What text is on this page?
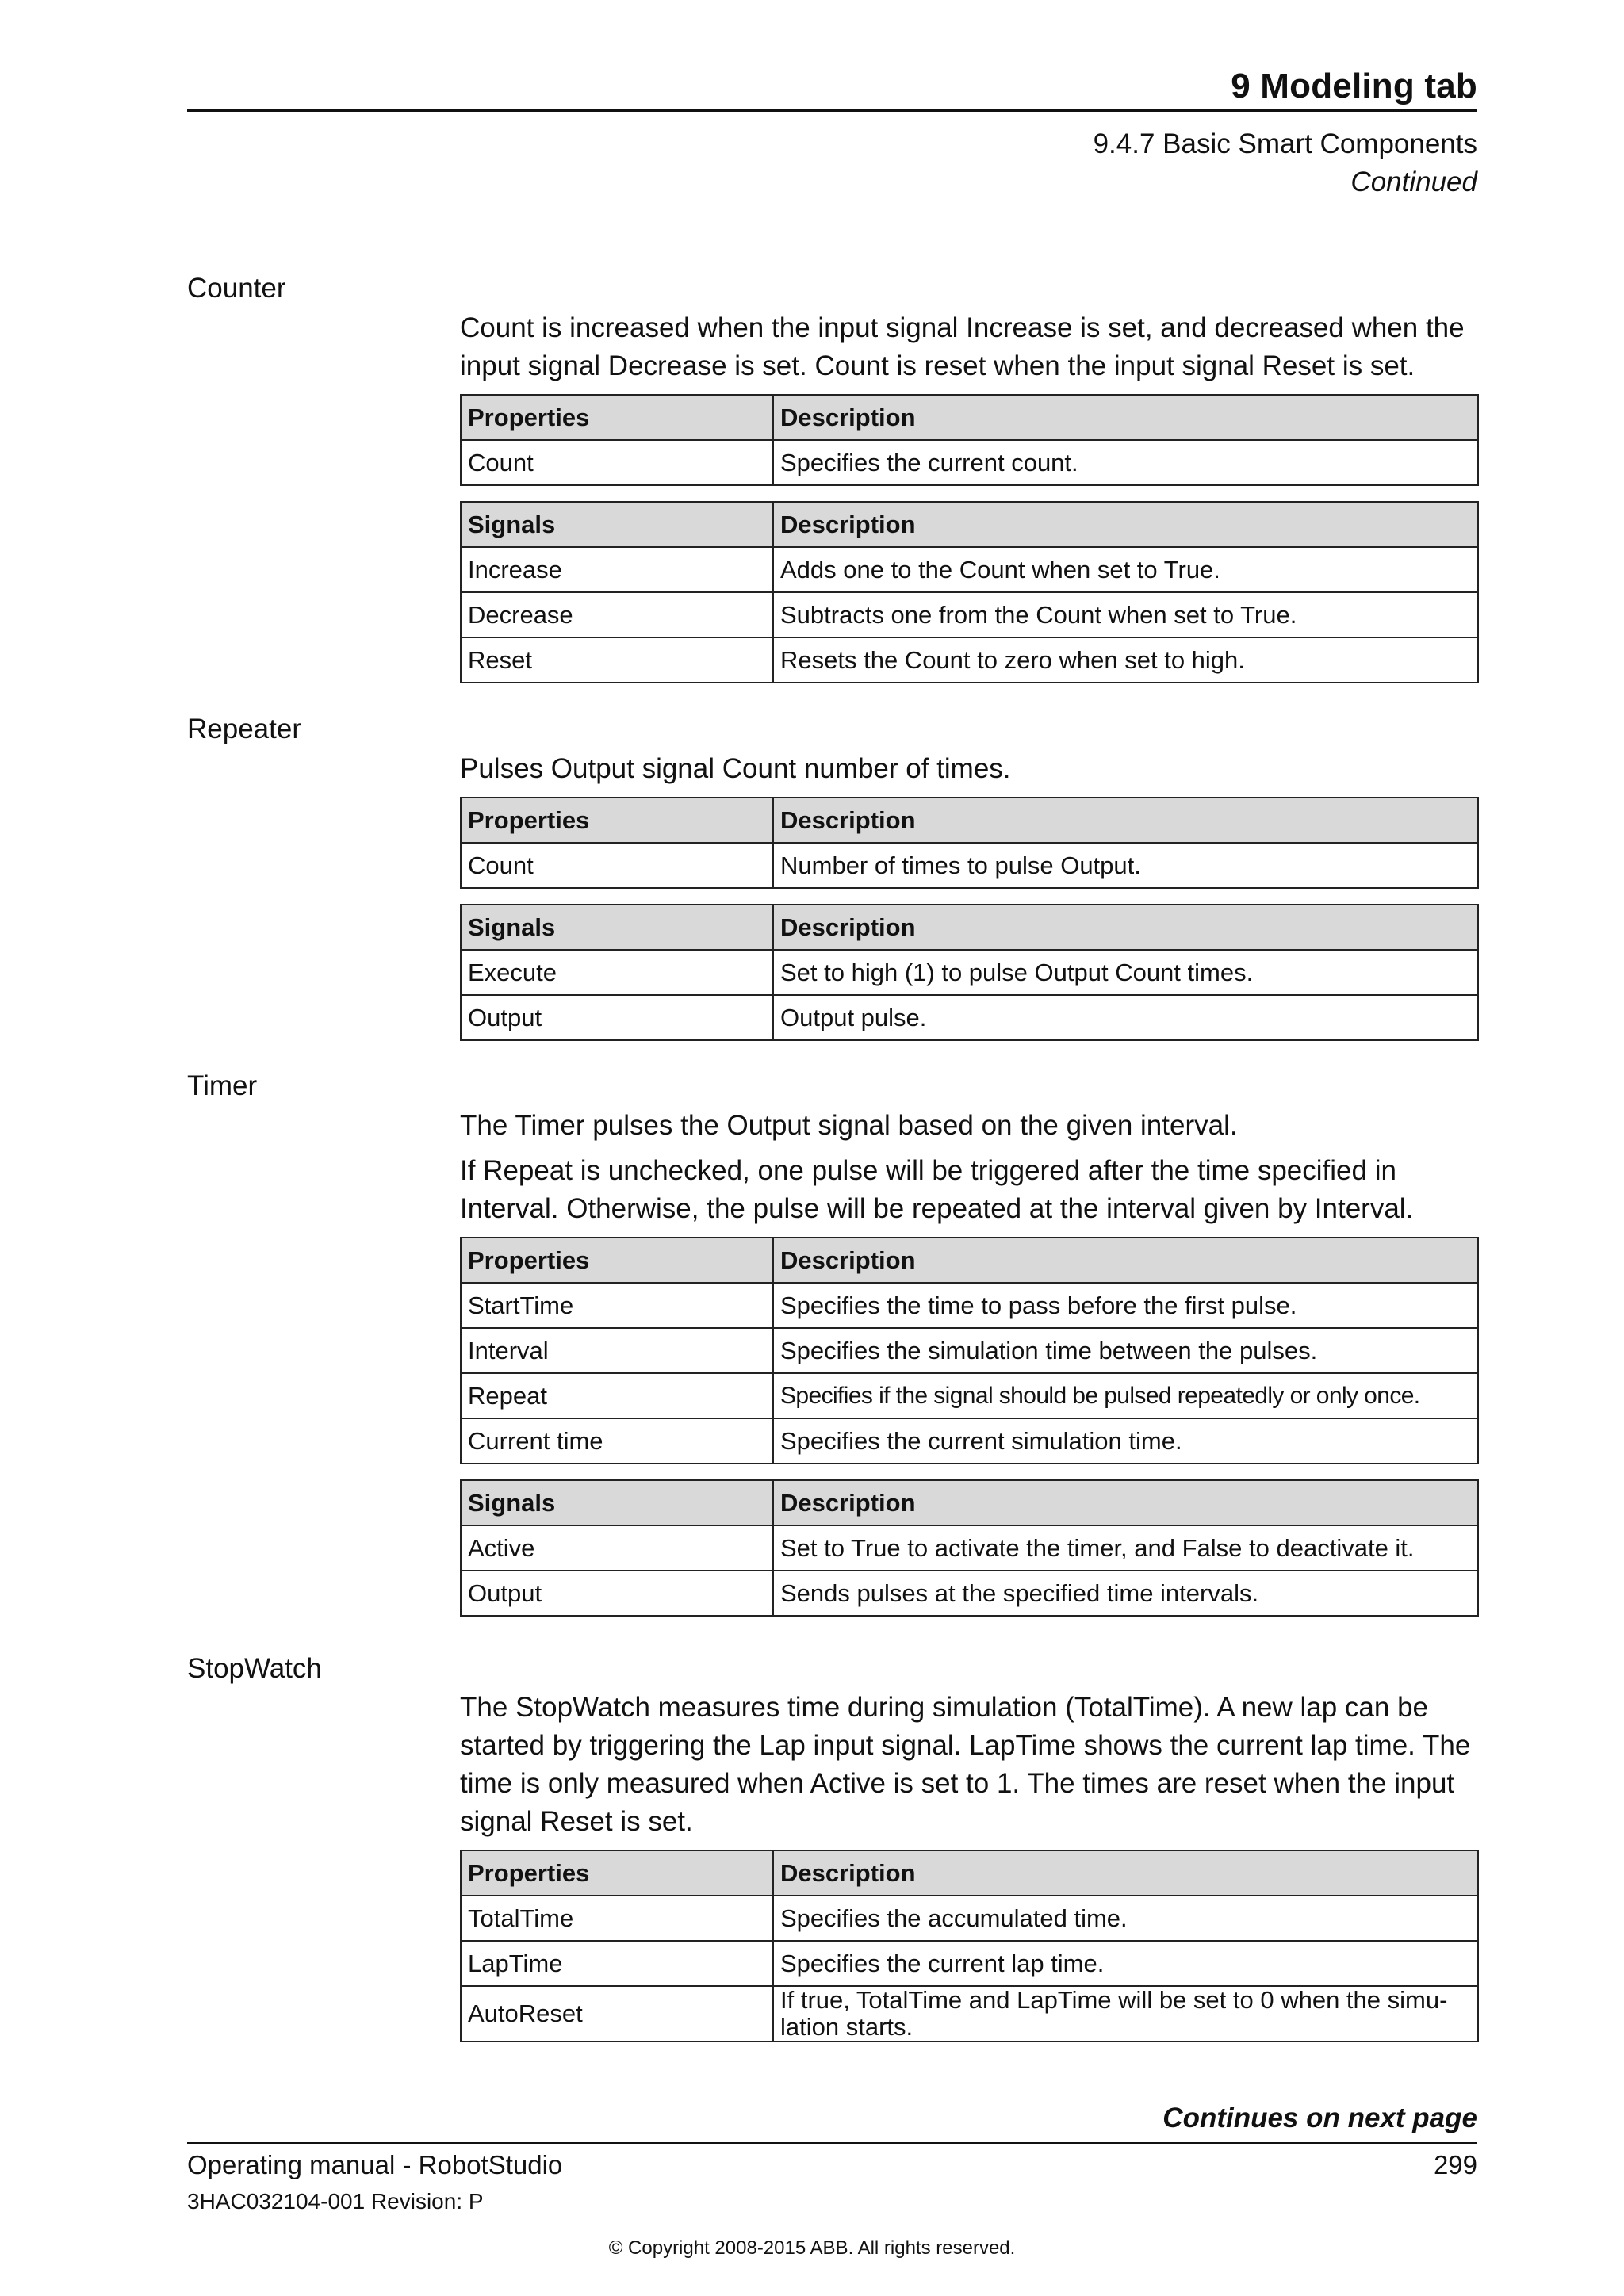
9 Modeling tab
9.4.7 Basic Smart Components
Continued
Counter

Count is increased when the input signal Increase is set, and decreased when the input signal Decrease is set. Count is reset when the input signal Reset is set.

Properties	Description
Count	Specifies the current count.
Signals	Description
Increase	Adds one to the Count when set to True.
Decrease	Subtracts one from the Count when set to True.
Reset	Resets the Count to zero when set to high.
Repeater

Pulses Output signal Count number of times.

Properties	Description
Count	Number of times to pulse Output.
Signals	Description
Execute	Set to high (1) to pulse Output Count times.
Output	Output pulse.
Timer

The Timer pulses the Output signal based on the given interval.

If Repeat is unchecked, one pulse will be triggered after the time specified in Interval. Otherwise, the pulse will be repeated at the interval given by Interval.

Properties	Description
StartTime	Specifies the time to pass before the first pulse.
Interval	Specifies the simulation time between the pulses.
Repeat	Specifies if the signal should be pulsed repeatedly or only once.
Current time	Specifies the current simulation time.
Signals	Description
Active	Set to True to activate the timer, and False to deactivate it.
Output	Sends pulses at the specified time intervals.
StopWatch

The StopWatch measures time during simulation (TotalTime). A new lap can be started by triggering the Lap input signal. LapTime shows the current lap time. The time is only measured when Active is set to 1. The times are reset when the input signal Reset is set.

Properties	Description
TotalTime	Specifies the accumulated time.
LapTime	Specifies the current lap time.
AutoReset	If true, TotalTime and LapTime will be set to 0 when the simu- lation starts.
Continues on next page
Operating manual - RobotStudio	299
3HAC032104-001 Revision: P
© Copyright 2008-2015 ABB. All rights reserved.
